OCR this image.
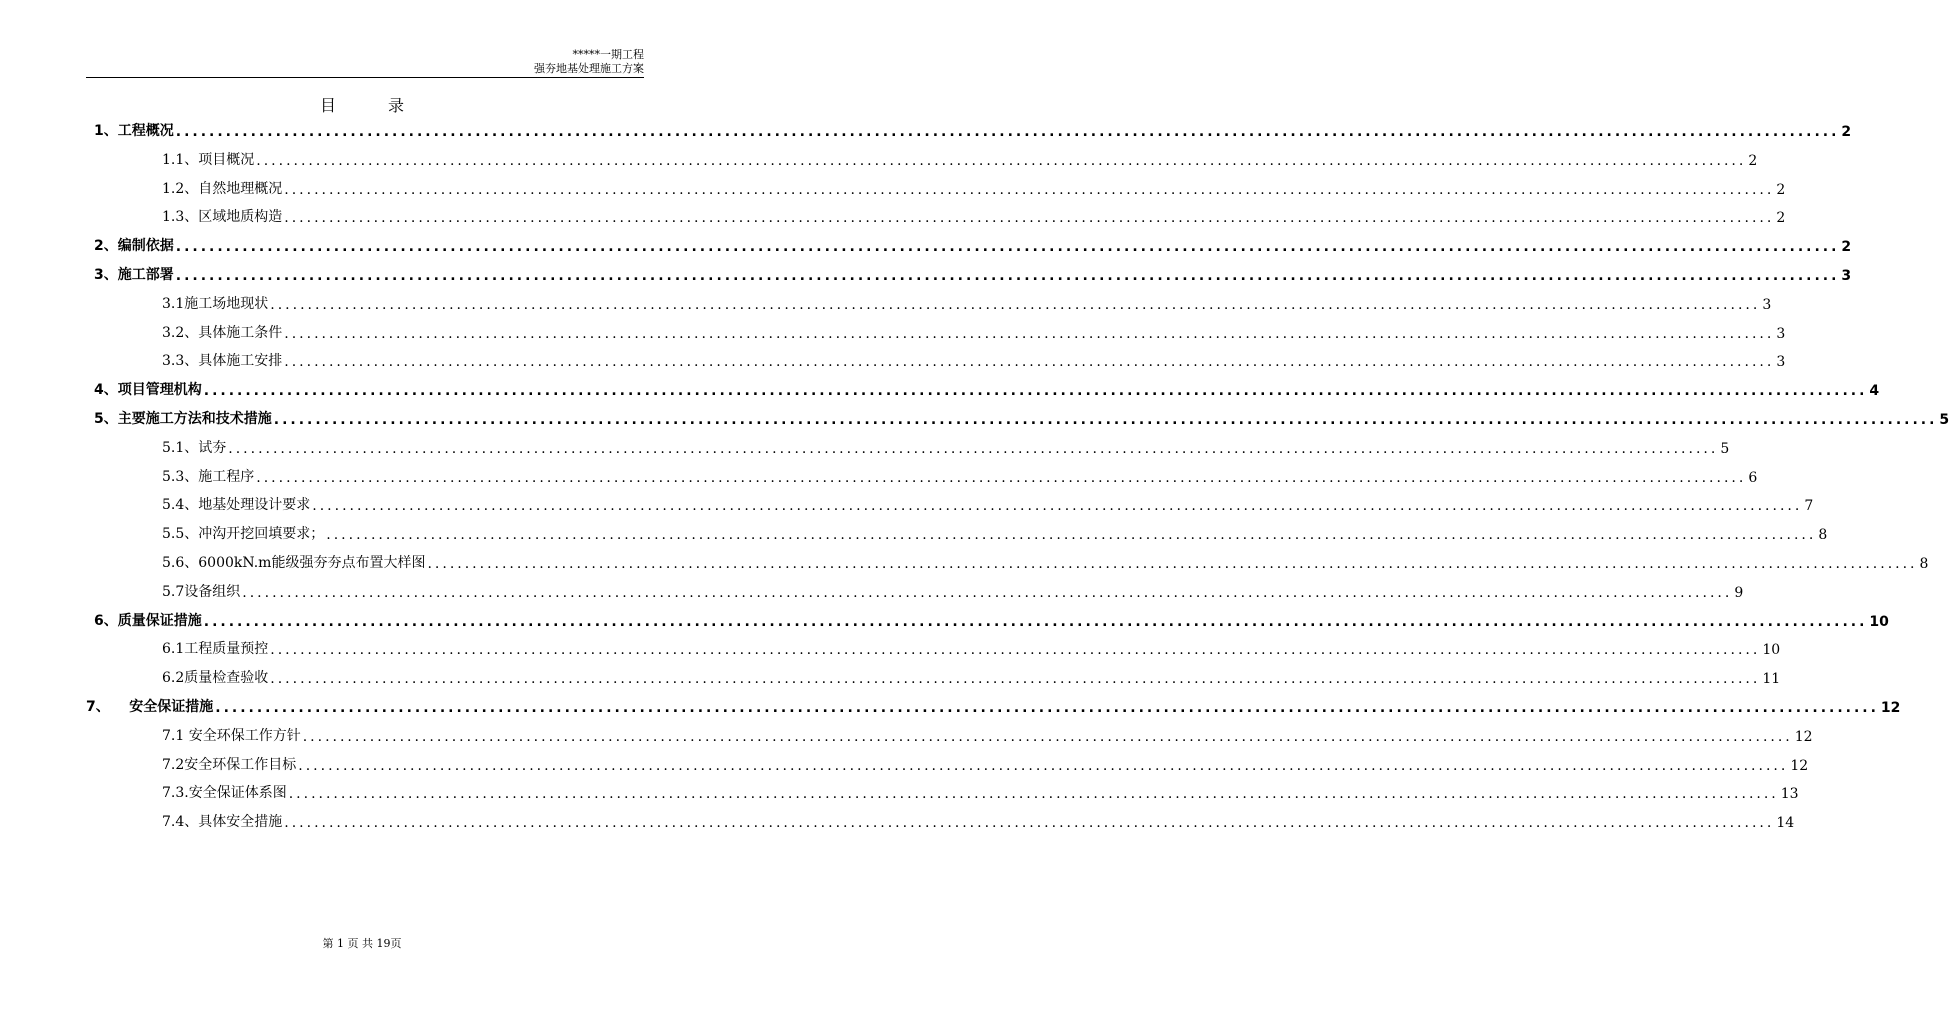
*****一期工程
强夯地基处理施工方案
目	录
1、工程概况 ........................................................................................................................................................................................................ 2
1.1、项目概况 ........................................................................................................................................................................................................ 2
1.2、自然地理概况 ........................................................................................................................................................................................................ 2
1.3、区域地质构造 ........................................................................................................................................................................................................ 2
2、编制依据 ........................................................................................................................................................................................................ 2
3、施工部署 ........................................................................................................................................................................................................ 3
3.1施工场地现状 ........................................................................................................................................................................................................ 3
3.2、具体施工条件 ........................................................................................................................................................................................................ 3
3.3、具体施工安排 ........................................................................................................................................................................................................ 3
4、项目管理机构 ........................................................................................................................................................................................................ 4
5、主要施工方法和技术措施 ........................................................................................................................................................................................................ 5
5.1、试夯 ........................................................................................................................................................................................................ 5
5.3、施工程序 ........................................................................................................................................................................................................ 6
5.4、地基处理设计要求 ........................................................................................................................................................................................................ 7
5.5、冲沟开挖回填要求； ........................................................................................................................................................................................................ 8
5.6、6000kN.m能级强夯夯点布置大样图 ........................................................................................................................................................................................................ 8
5.7设备组织 ........................................................................................................................................................................................................ 9
6、质量保证措施 ........................................................................................................................................................................................................ 10
6.1工程质量预控 ........................................................................................................................................................................................................ 10
6.2质量检查验收 ........................................................................................................................................................................................................ 11
7、    安全保证措施 ........................................................................................................................................................................................................ 12
7.1 安全环保工作方针 ........................................................................................................................................................................................................ 12
7.2安全环保工作目标 ........................................................................................................................................................................................................ 12
7.3.安全保证体系图 ........................................................................................................................................................................................................ 13
7.4、具体安全措施 ........................................................................................................................................................................................................ 14
第 1 页 共 19页
